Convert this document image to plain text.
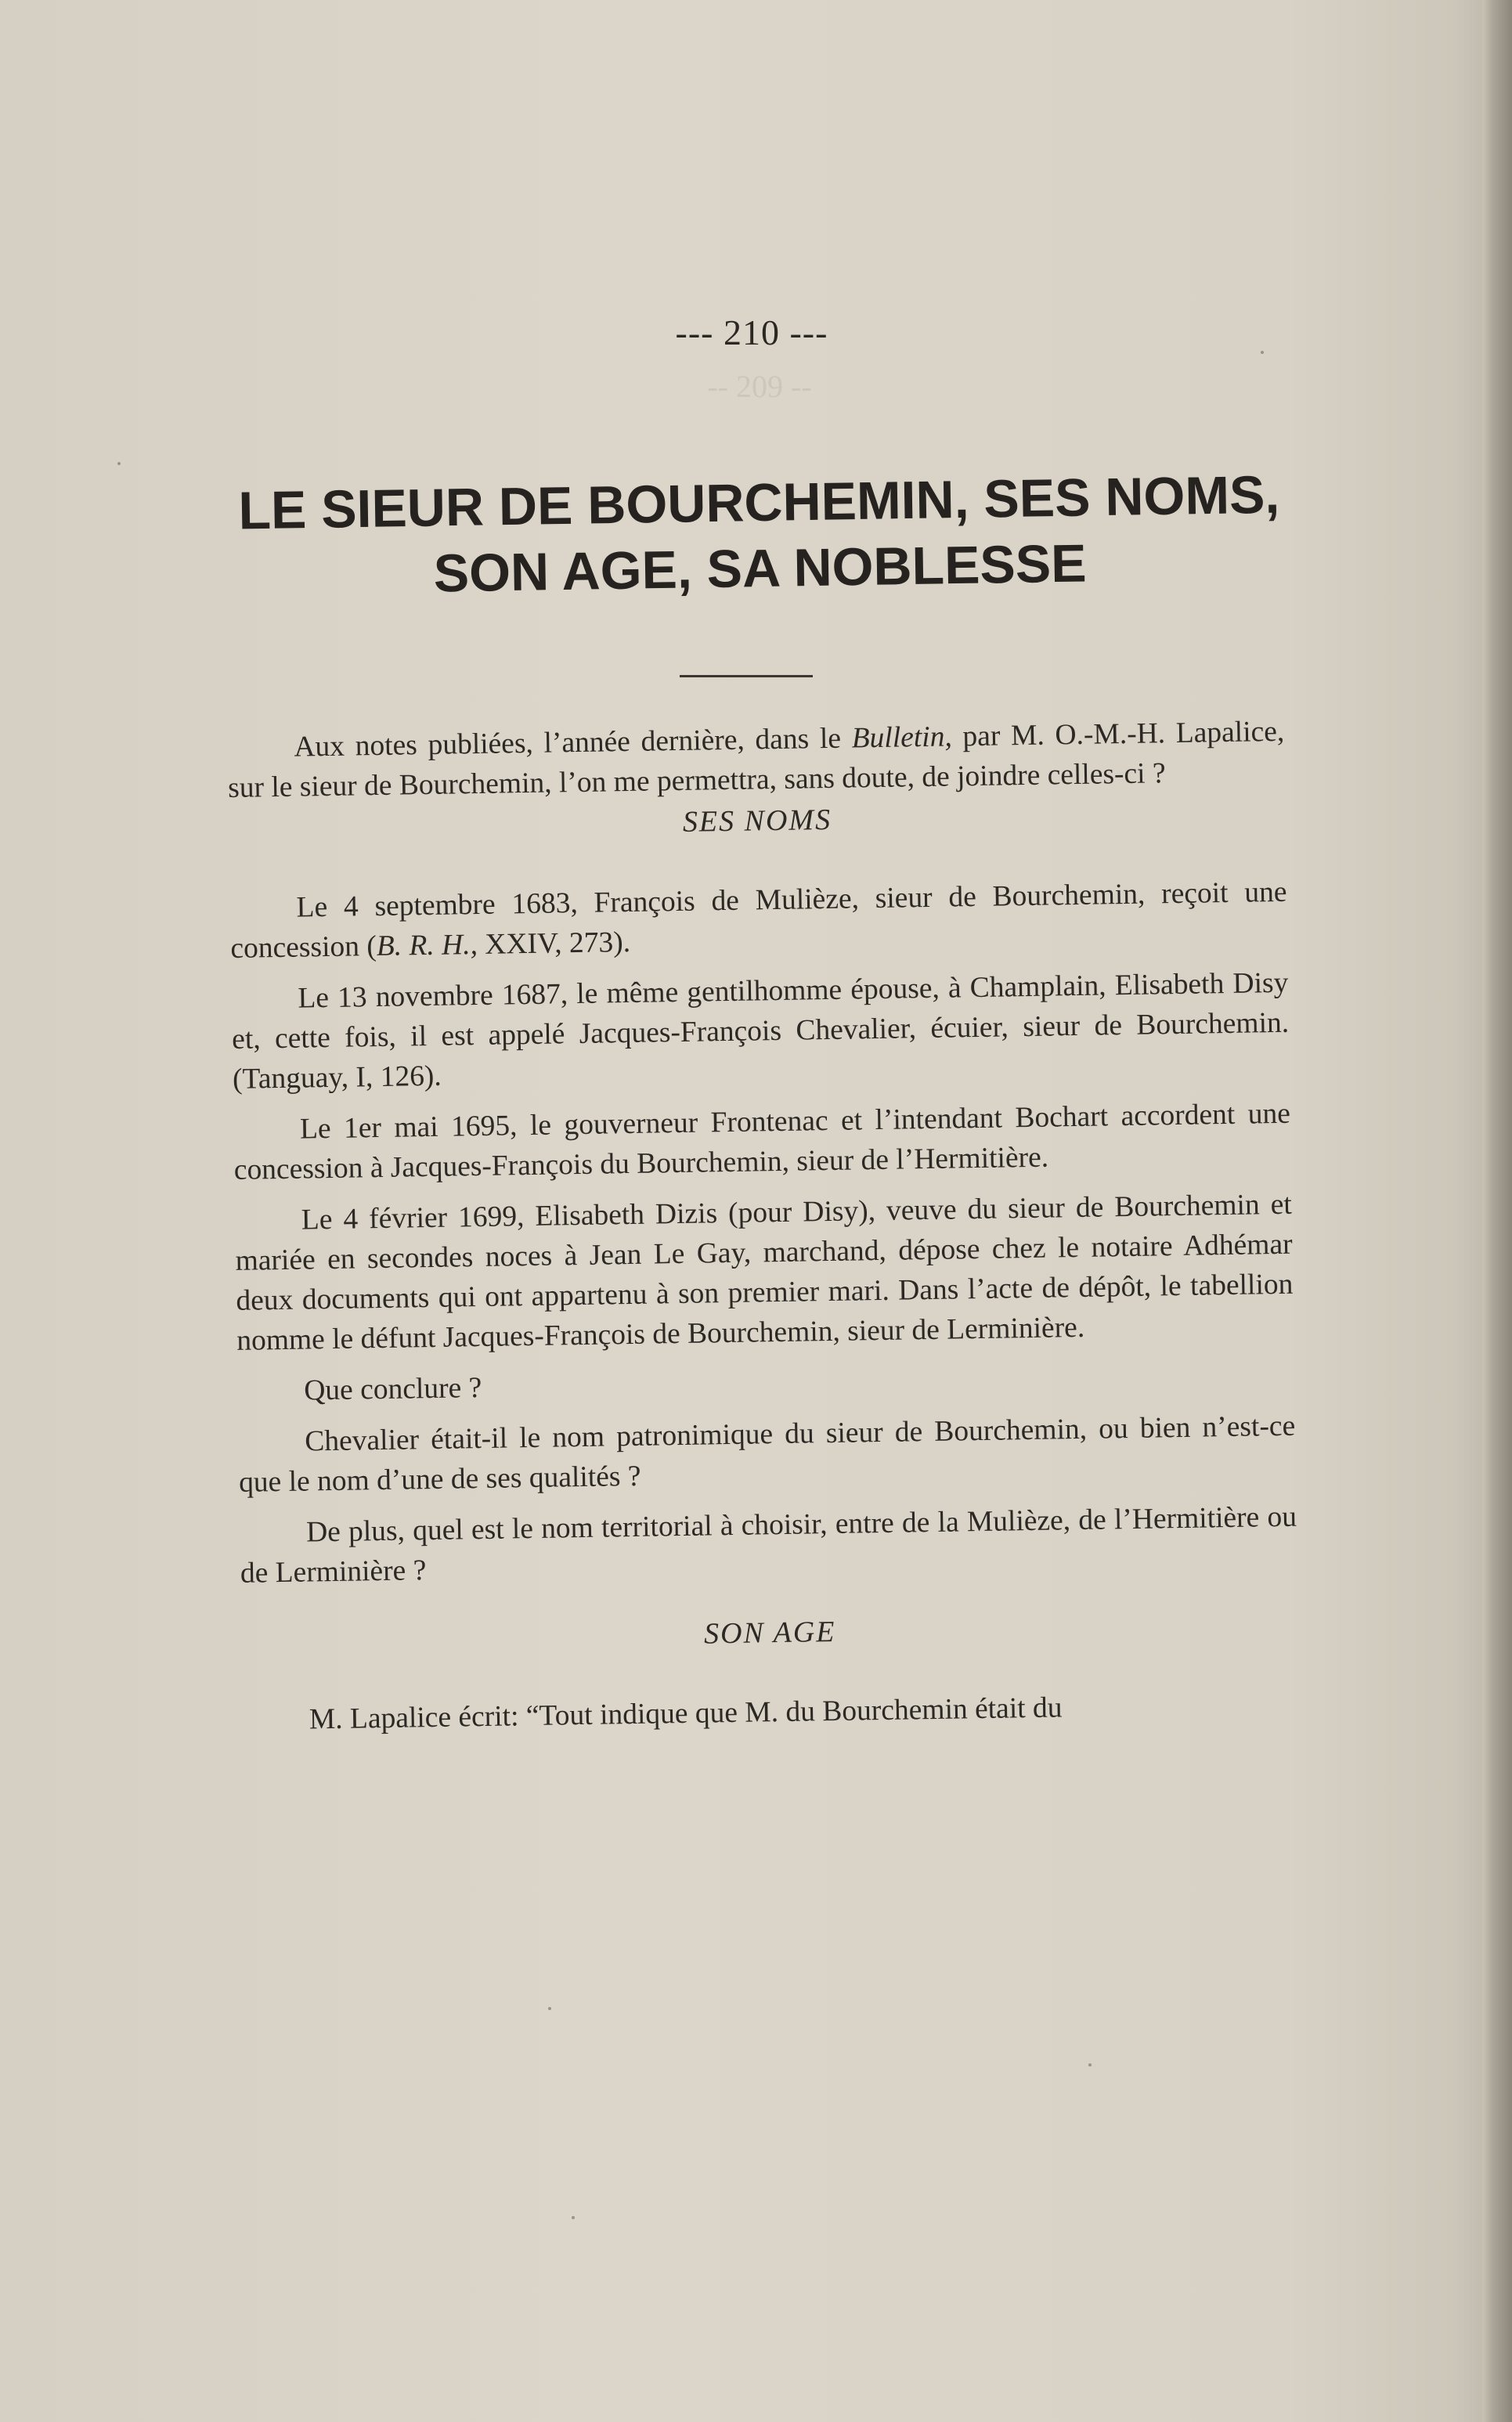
-- 209 --
--- 210 ---
LE SIEUR DE BOURCHEMIN, SES NOMS,
SON AGE, SA NOBLESSE

Aux notes publiées, l’année dernière, dans le Bulletin, par M. O.-M.-H. Lapalice, sur le sieur de Bourchemin, l’on me permettra, sans doute, de joindre celles-ci ?

SES NOMS

Le 4 septembre 1683, François de Mulièze, sieur de Bourchemin, reçoit une concession (B. R. H., XXIV, 273).

Le 13 novembre 1687, le même gentilhomme épouse, à Champlain, Elisabeth Disy et, cette fois, il est appelé Jacques-François Chevalier, écuier, sieur de Bourchemin. (Tanguay, I, 126).

Le 1er mai 1695, le gouverneur Frontenac et l’intendant Bochart accordent une concession à Jacques-François du Bourchemin, sieur de l’Hermitière.

Le 4 février 1699, Elisabeth Dizis (pour Disy), veuve du sieur de Bourchemin et mariée en secondes noces à Jean Le Gay, marchand, dépose chez le notaire Adhémar deux documents qui ont appartenu à son premier mari. Dans l’acte de dépôt, le tabellion nomme le défunt Jacques-François de Bourchemin, sieur de Lerminière.

Que conclure ?

Chevalier était-il le nom patronimique du sieur de Bourchemin, ou bien n’est-ce que le nom d’une de ses qualités ?

De plus, quel est le nom territorial à choisir, entre de la Mulièze, de l’Hermitière ou de Lerminière ?

SON AGE

M. Lapalice écrit: “Tout indique que M. du Bourchemin était du
